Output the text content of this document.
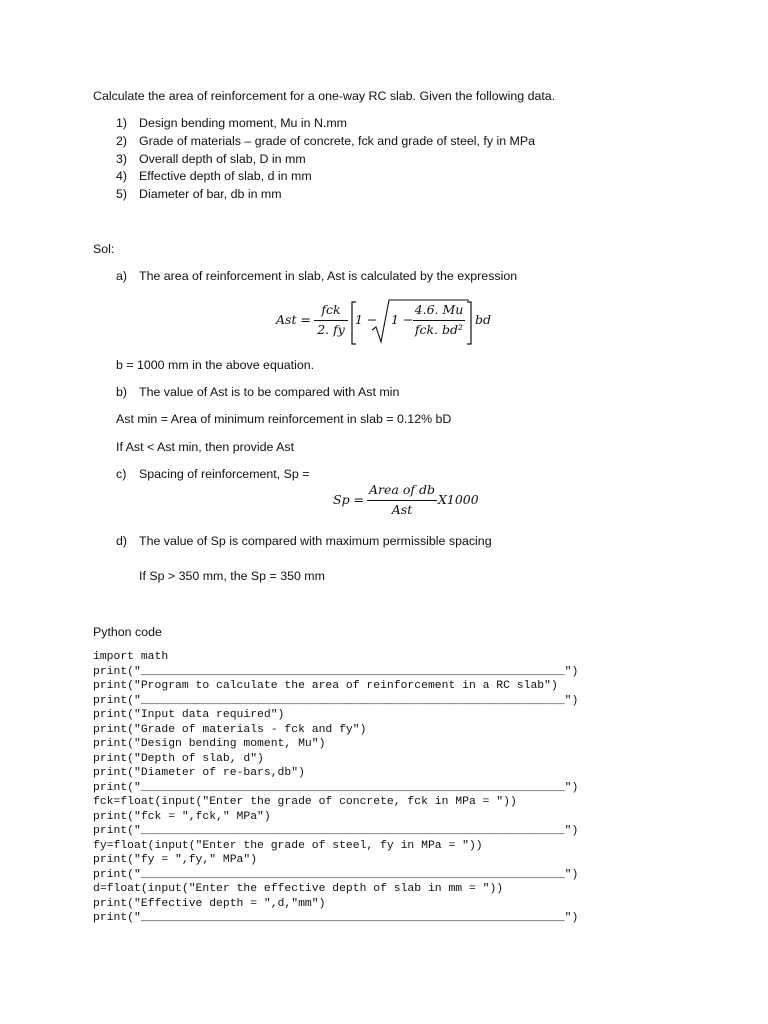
Calculate the area of reinforcement for a one-way RC slab. Given the following data.
1) Design bending moment, Mu in N.mm
2) Grade of materials – grade of concrete, fck and grade of steel, fy in MPa
3) Overall depth of slab, D in mm
4) Effective depth of slab, d in mm
5) Diameter of bar, db in mm
Sol:
a) The area of reinforcement in slab, Ast is calculated by the expression
Ast =
fck
2. fy
1 − 1 −
4.6. Mu
fck. bd²
bd
b = 1000 mm in the above equation.
b) The value of Ast is to be compared with Ast min
Ast min = Area of minimum reinforcement in slab = 0.12% bD
If Ast < Ast min, then provide Ast
c) Spacing of reinforcement, Sp =
Sp =
Area of db
Ast
X1000
d) The value of Sp is compared with maximum permissible spacing
If Sp > 350 mm, the Sp = 350 mm
Python code
import math
print("______________________________________________________________")
print("Program to calculate the area of reinforcement in a RC slab")
print("______________________________________________________________")
print("Input data required")
print("Grade of materials - fck and fy")
print("Design bending moment, Mu")
print("Depth of slab, d")
print("Diameter of re-bars,db")
print("______________________________________________________________")
fck=float(input("Enter the grade of concrete, fck in MPa = "))
print("fck = ",fck," MPa")
print("______________________________________________________________")
fy=float(input("Enter the grade of steel, fy in MPa = "))
print("fy = ",fy," MPa")
print("______________________________________________________________")
d=float(input("Enter the effective depth of slab in mm = "))
print("Effective depth = ",d,"mm")
print("______________________________________________________________")
